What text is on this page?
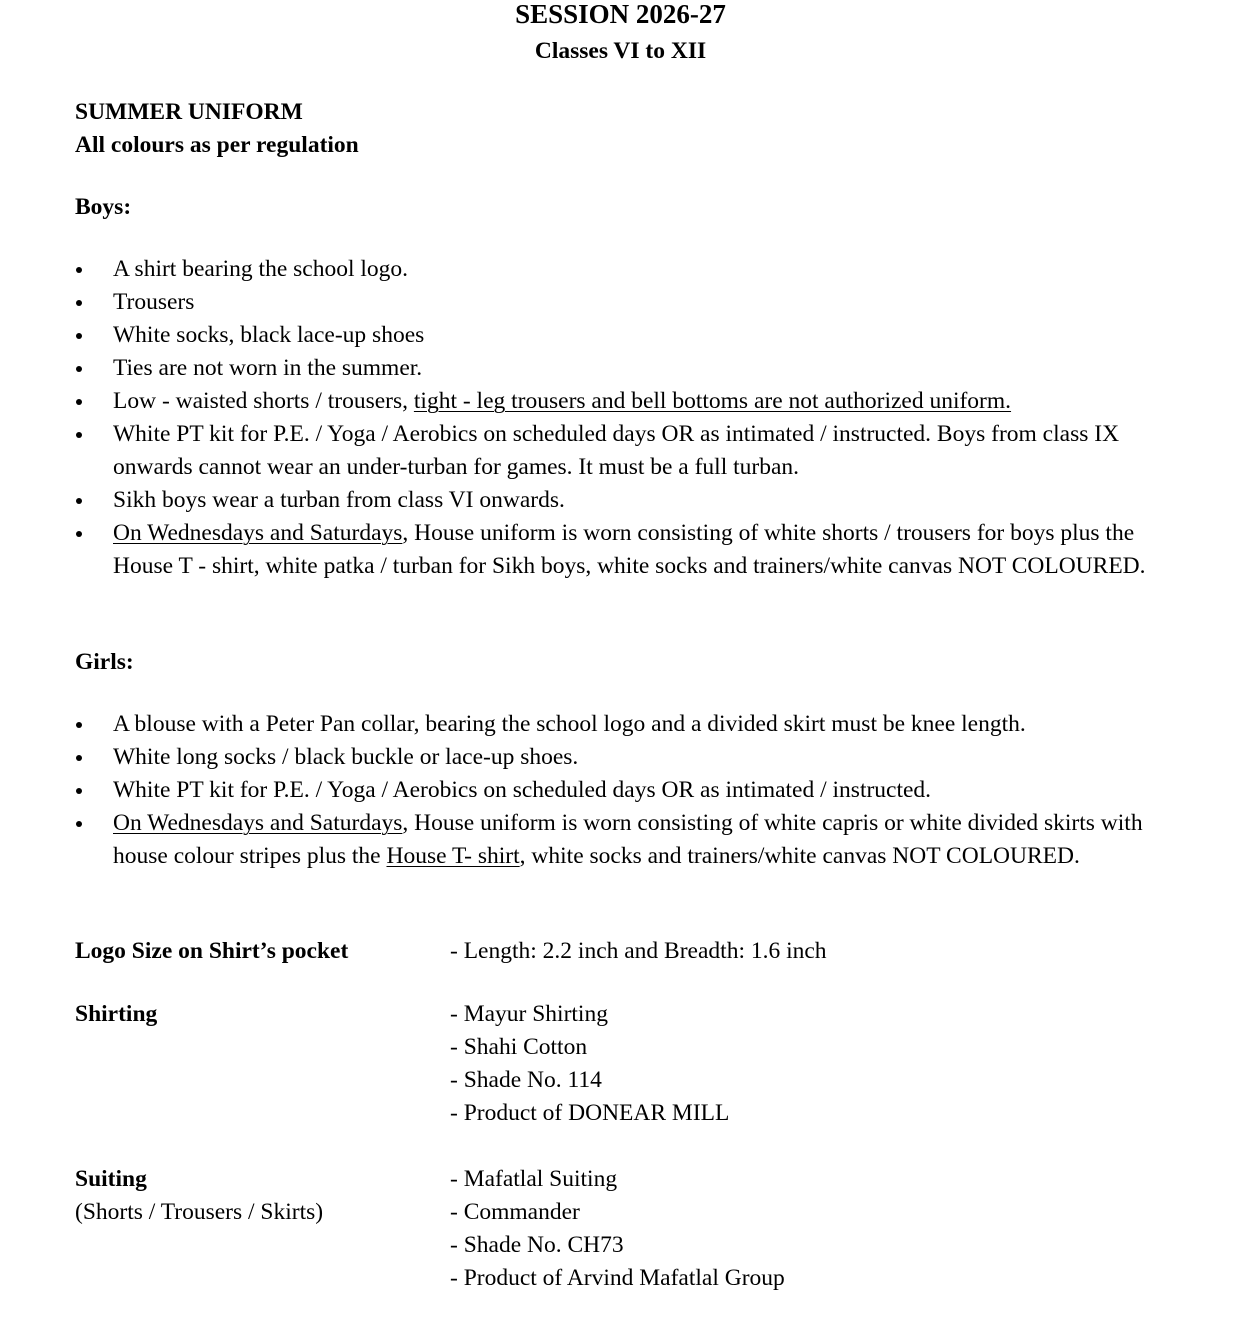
SESSION 2026-27
Classes VI to XII
SUMMER UNIFORM
All colours as per regulation
Boys:
A shirt bearing the school logo.
Trousers
White socks, black lace-up shoes
Ties are not worn in the summer.
Low - waisted shorts / trousers, tight - leg trousers and bell bottoms are not authorized uniform.
White PT kit for P.E. / Yoga / Aerobics on scheduled days OR as intimated / instructed. Boys from class IX onwards cannot wear an under-turban for games. It must be a full turban.
Sikh boys wear a turban from class VI onwards.
On Wednesdays and Saturdays, House uniform is worn consisting of white shorts / trousers for boys plus the House T - shirt, white patka / turban for Sikh boys, white socks and trainers/white canvas NOT COLOURED.
Girls:
A blouse with a Peter Pan collar, bearing the school logo and a divided skirt must be knee length.
White long socks / black buckle or lace-up shoes.
White PT kit for P.E. / Yoga / Aerobics on scheduled days OR as intimated / instructed.
On Wednesdays and Saturdays, House uniform is worn consisting of white capris or white divided skirts with house colour stripes plus the House T- shirt, white socks and trainers/white canvas NOT COLOURED.
Logo Size on Shirt’s pocket	- Length: 2.2 inch and Breadth: 1.6 inch
Shirting	- Mayur Shirting
- Shahi Cotton
- Shade No. 114
- Product of DONEAR MILL
Suiting
(Shorts / Trousers / Skirts)
- Mafatlal Suiting
- Commander
- Shade No. CH73
- Product of Arvind Mafatlal Group
